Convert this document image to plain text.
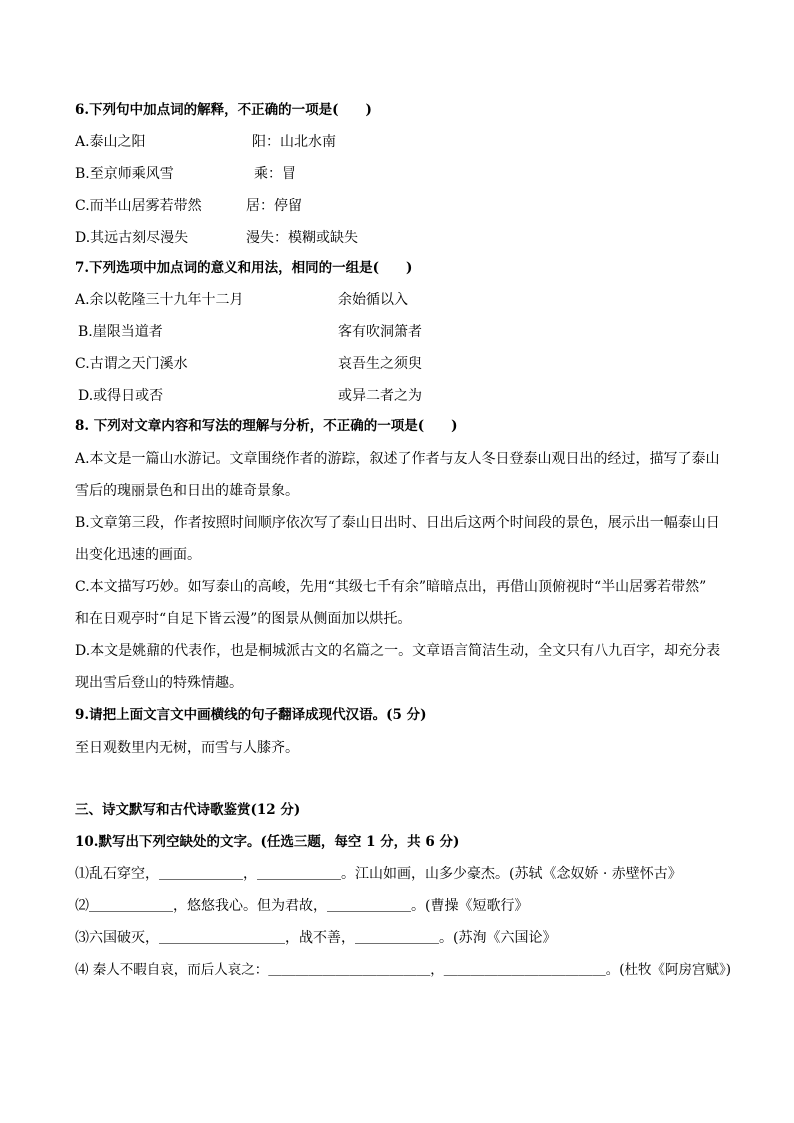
6.下列句中加点词的解释，不正确的一项是(　　)
A.泰山之阳	阳：山北水南
B.至京师乘风雪	乘：冒
C.而半山居雾若带然	居：停留
D.其远古刻尽漫失	漫失：模糊或缺失
7.下列选项中加点词的意义和用法，相同的一组是(　　)
A.余以乾隆三十九年十二月	余始循以入
B.崖限当道者	客有吹洞箫者
C.古谓之天门溪水	哀吾生之须臾
D.或得日或否	或异二者之为
8. 下列对文章内容和写法的理解与分析，不正确的一项是(　　)
A.本文是一篇山水游记。文章围绕作者的游踪，叙述了作者与友人冬日登泰山观日出的经过，描写了泰山
雪后的瑰丽景色和日出的雄奇景象。
B.文章第三段，作者按照时间顺序依次写了泰山日出时、日出后这两个时间段的景色，展示出一幅泰山日
出变化迅速的画面。
C.本文描写巧妙。如写泰山的高峻，先用“其级七千有余”暗暗点出，再借山顶俯视时“半山居雾若带然”
和在日观亭时“自足下皆云漫”的图景从侧面加以烘托。
D.本文是姚鼐的代表作，也是桐城派古文的名篇之一。文章语言简洁生动，全文只有八九百字，却充分表
现出雪后登山的特殊情趣。
9.请把上面文言文中画横线的句子翻译成现代汉语。(5 分)
至日观数里内无树，而雪与人膝齐。
三、诗文默写和古代诗歌鉴赏(12 分)
10.默写出下列空缺处的文字。(任选三题，每空 1 分，共 6 分)
⑴乱石穿空，＿＿＿＿＿＿，＿＿＿＿＿＿。江山如画，山多少豪杰。(苏轼《念奴娇 · 赤壁怀古》
⑵＿＿＿＿＿＿，悠悠我心。但为君故，＿＿＿＿＿＿。(曹操《短歌行》
⑶六国破灭，＿＿＿＿＿＿＿＿＿，战不善，＿＿＿＿＿＿。(苏洵《六国论》
⑷ 秦人不暇自哀，而后人哀之：＿＿＿＿＿＿＿＿＿＿＿＿，＿＿＿＿＿＿＿＿＿＿＿＿。(杜牧《阿房宫赋》)
